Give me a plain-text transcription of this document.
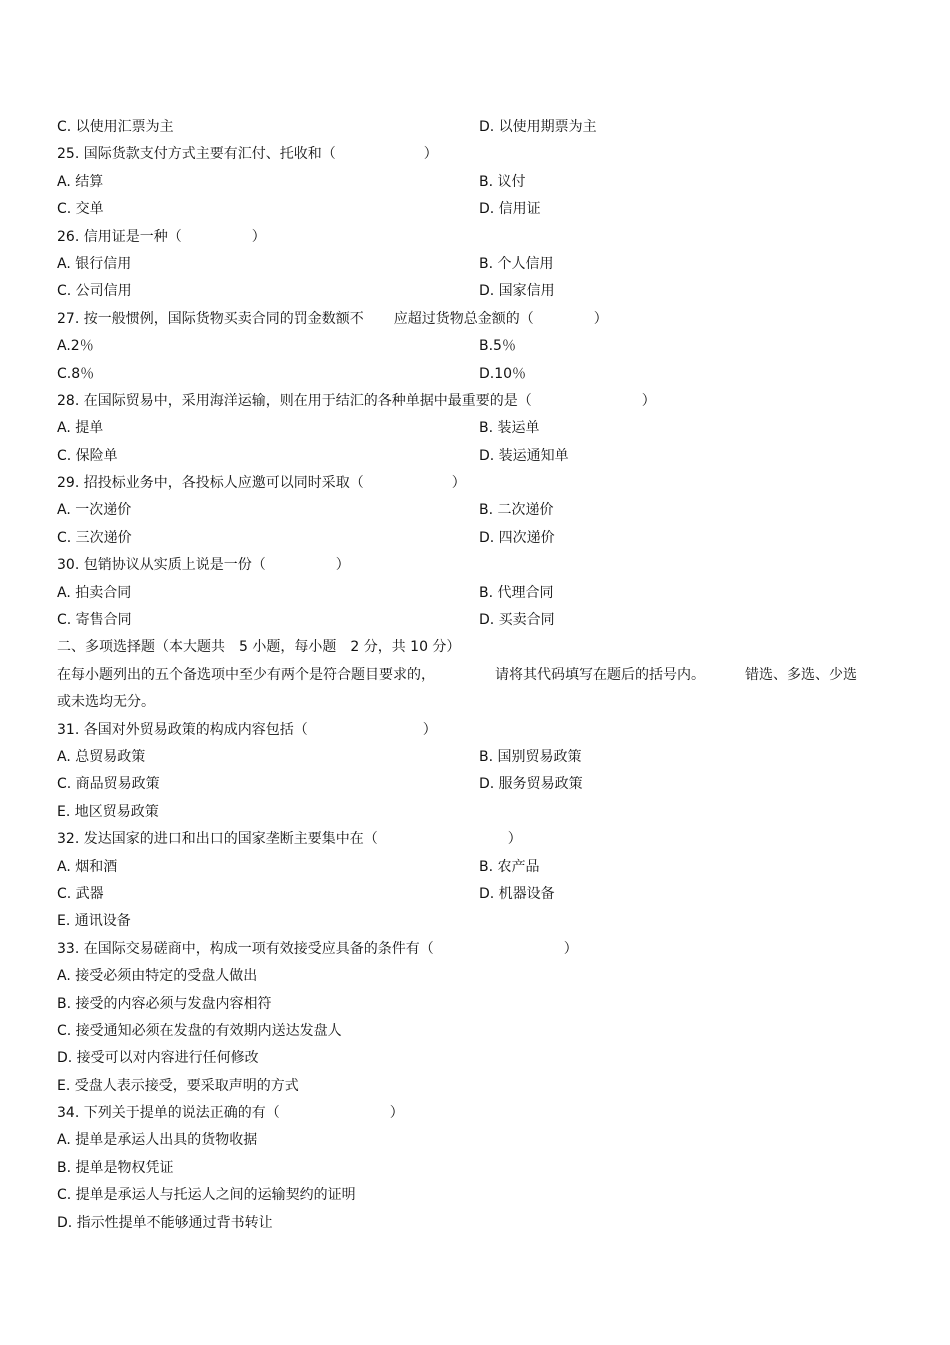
C. 以使用汇票为主	D. 以使用期票为主
25. 国际货款支付方式主要有汇付、托收和（	）
A. 结算	B. 议付
C. 交单	D. 信用证
26. 信用证是一种（	）
A. 银行信用	B. 个人信用
C. 公司信用	D. 国家信用
27. 按一般惯例，国际货物买卖合同的罚金数额不 应超过货物总金额的（	）
A.2％	B.5％
C.8％	D.10％
28. 在国际贸易中，采用海洋运输，则在用于结汇的各种单据中最重要的是（	）
A. 提单	B. 装运单
C. 保险单	D. 装运通知单
29. 招投标业务中，各投标人应邀可以同时采取（	）
A. 一次递价	B. 二次递价
C. 三次递价	D. 四次递价
30. 包销协议从实质上说是一份（	）
A. 拍卖合同	B. 代理合同
C. 寄售合同	D. 买卖合同
二、多项选择题（本大题共　5 小题，每小题　2 分，共 10 分）
在每小题列出的五个备选项中至少有两个是符合题目要求的，	请将其代码填写在题后的括号内。	错选、多选、少选
或未选均无分。
31. 各国对外贸易政策的构成内容包括（	）
A. 总贸易政策	B. 国别贸易政策
C. 商品贸易政策	D. 服务贸易政策
E. 地区贸易政策
32. 发达国家的进口和出口的国家垄断主要集中在（	）
A. 烟和酒	B. 农产品
C. 武器	D. 机器设备
E. 通讯设备
33. 在国际交易磋商中，构成一项有效接受应具备的条件有（	）
A. 接受必须由特定的受盘人做出
B. 接受的内容必须与发盘内容相符
C. 接受通知必须在发盘的有效期内送达发盘人
D. 接受可以对内容进行任何修改
E. 受盘人表示接受，要采取声明的方式
34. 下列关于提单的说法正确的有（	）
A. 提单是承运人出具的货物收据
B. 提单是物权凭证
C. 提单是承运人与托运人之间的运输契约的证明
D. 指示性提单不能够通过背书转让
